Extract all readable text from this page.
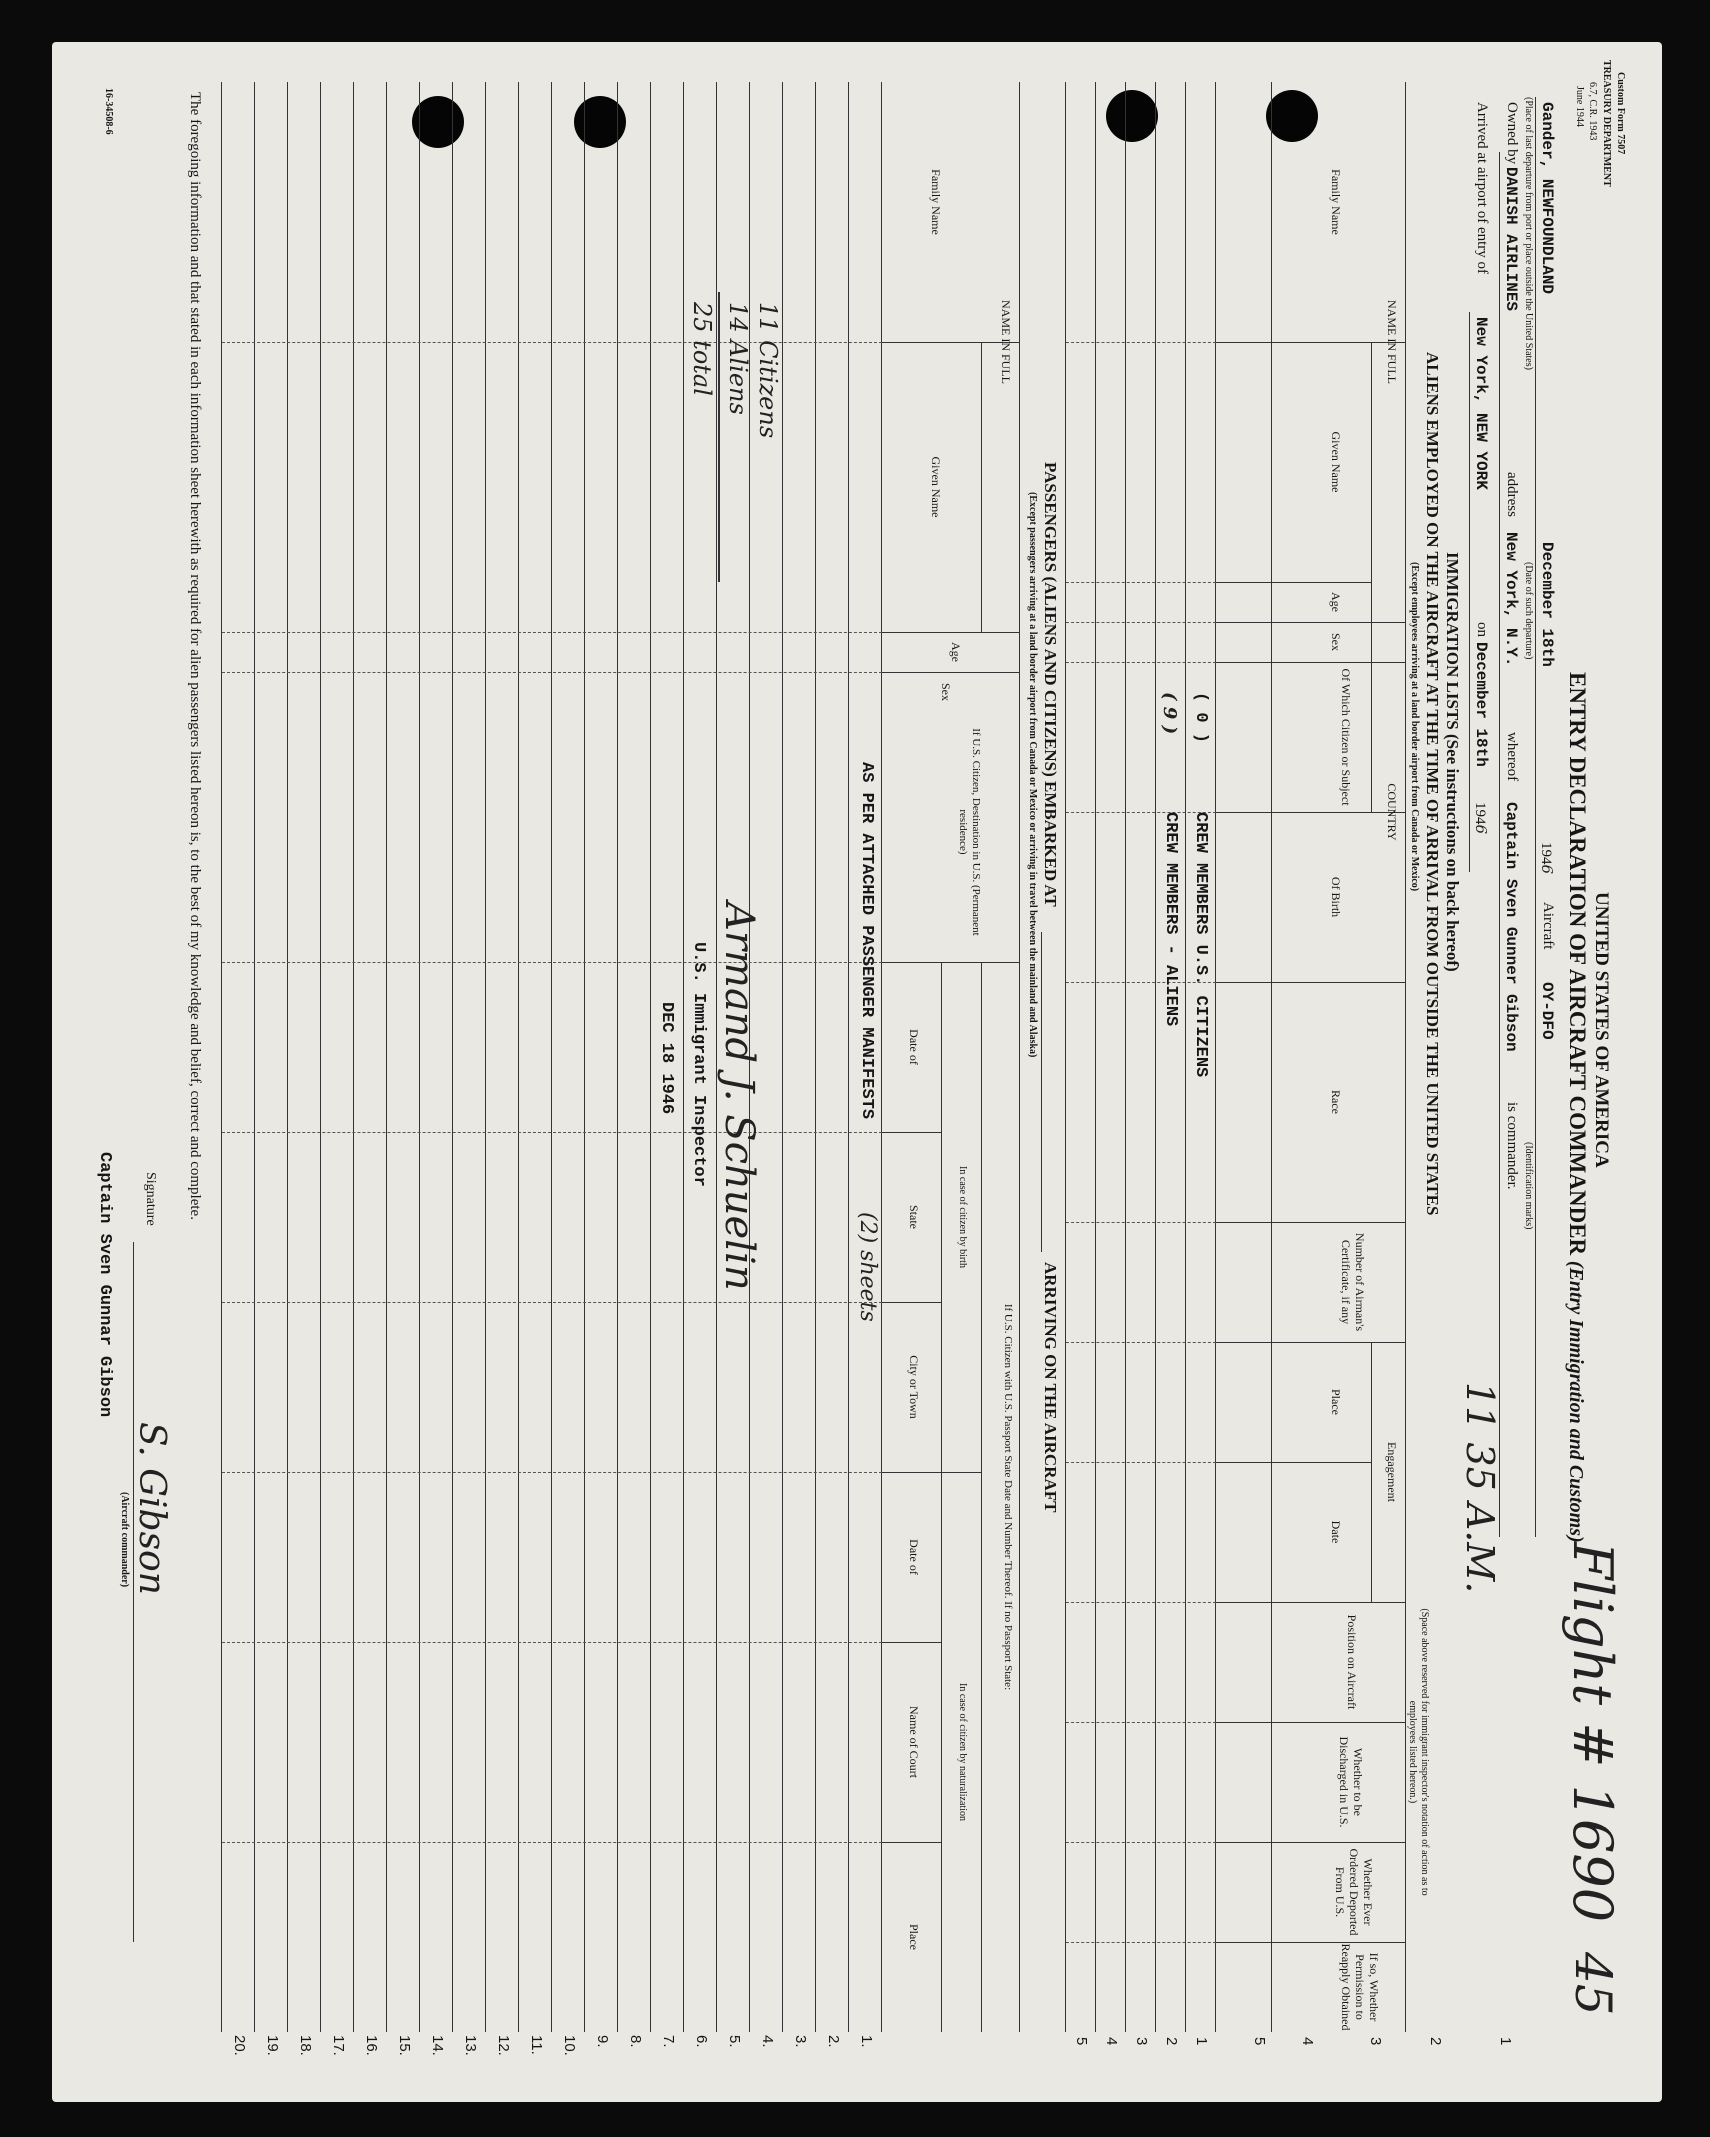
Custom Form 7507
TREASURY DEPARTMENT
6.7, C.R. 1943
June 1944
UNITED STATES OF AMERICA
ENTRY DECLARATION OF AIRCRAFT COMMANDER (Entry Immigration and Customs)
Flight # 1690
45
1
2
3
4
5
Gander, NEWFOUNDLAND
December 18th
1946
Aircraft
OY-DFO
(Place of last departure from port or place outside the United States)
(Date of such departure)
(Identification marks)
Owned by
DANISH AIRLINES
address
New York, N.Y.
whereof
Captain Sven Gunner Gibson
is commander.
Arrived at airport of entry of
New York, NEW YORK
on
December 18th
1946
IMMIGRATION LISTS (See instructions on back hereof)
ALIENS EMPLOYED ON THE AIRCRAFT AT THE TIME OF ARRIVAL FROM OUTSIDE THE UNITED STATES
(Except employees arriving at a land border airport from Canada or Mexico)
11 35 A.M.
(Space above reserved for immigrant inspector's notation of action as to employees listed hereon.)
NAME IN FULL
Family Name
Given Name
Age
Sex
COUNTRY
Of Which Citizen or Subject
Of Birth
Race
Number of Airman's Certificate, if any
Engagement
Place
Date
Position on Aircraft
Whether to be Discharged in U.S.
Whether Ever Ordered Deported From U.S.
If so, Whether Permission to Reapply Obtained
1
2
3
4
5
( 0 )
CREW MEMBERS U.S. CITIZENS
( 9 )
CREW MEMBERS - ALIENS
PASSENGERS (ALIENS AND CITIZENS) EMBARKED AT
ARRIVING ON THE AIRCRAFT
(Except passengers arriving at a land border airport from Canada or Mexico or arriving in travel between the mainland and Alaska)
NAME IN FULL
Family Name
Given Name
Age
Sex
If U.S. Citizen, Destination in U.S. (Permanent residence)
If U.S. Citizen with U.S. Passport State Date and Number Thereof. If no Passport State:
In case of citizen by birth
In case of citizen by naturalization
Date of
State
City or Town
Date of
Name of Court
Place
1.
2.
3.
4.
5.
6.
7.
8.
9.
10.
11.
12.
13.
14.
15.
16.
17.
18.
19.
20.
AS PER ATTACHED PASSENGER MANIFESTS
(2) sheets
11 Citizens
14 Aliens
25 total
Armand J. Schuelin
U.S. Immigrant Inspector
DEC 18 1946
The foregoing information and that stated in each information sheet herewith as required for alien passengers listed hereon is, to the best of my knowledge and belief, correct and complete.
Signature
S. Gibson
(Aircraft commander)
Captain Sven Gunnar Gibson
16-34508-6
